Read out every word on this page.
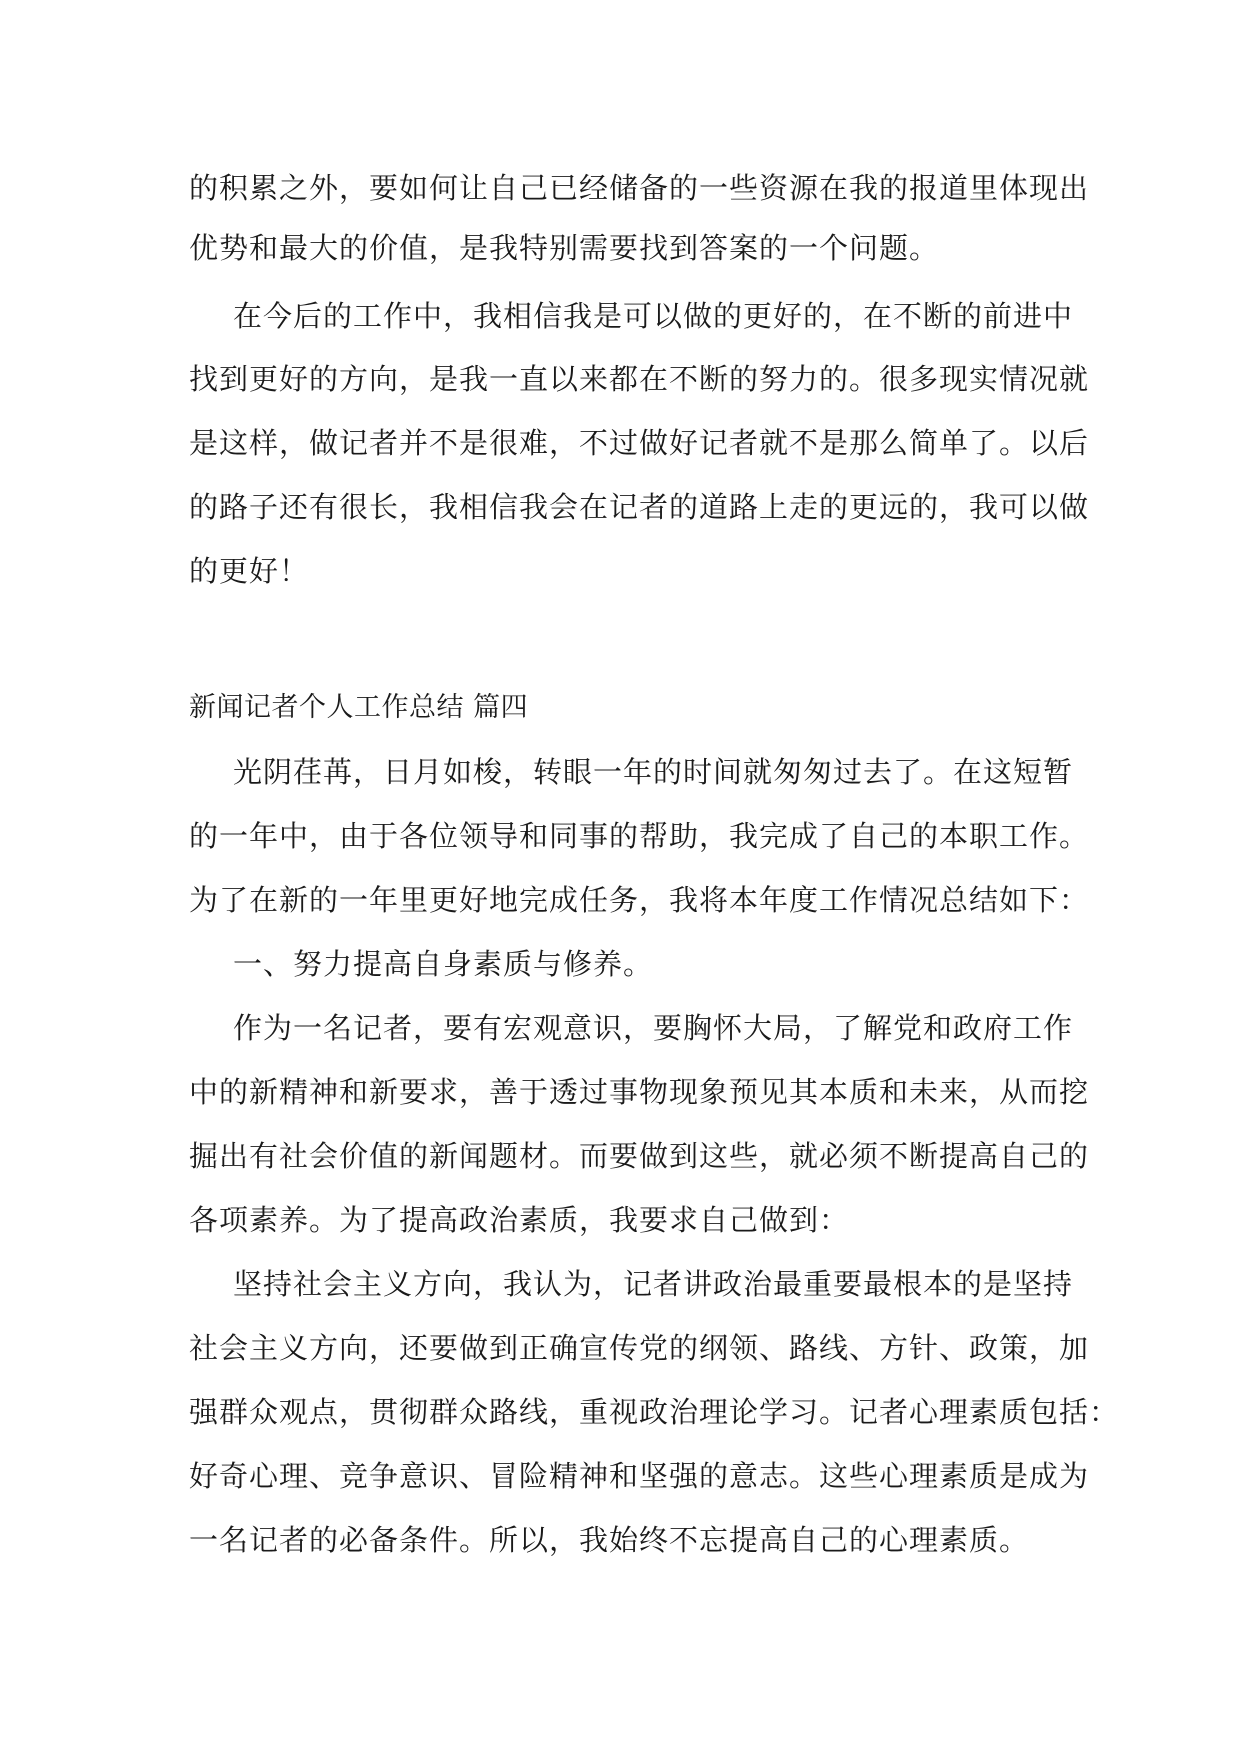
的积累之外，要如何让自己已经储备的一些资源在我的报道里体现出
优势和最大的价值，是我特别需要找到答案的一个问题。
在今后的工作中，我相信我是可以做的更好的，在不断的前进中
找到更好的方向，是我一直以来都在不断的努力的。很多现实情况就
是这样，做记者并不是很难，不过做好记者就不是那么简单了。以后
的路子还有很长，我相信我会在记者的道路上走的更远的，我可以做
的更好！
新闻记者个人工作总结 篇四
光阴荏苒，日月如梭，转眼一年的时间就匆匆过去了。在这短暂
的一年中，由于各位领导和同事的帮助，我完成了自己的本职工作。
为了在新的一年里更好地完成任务，我将本年度工作情况总结如下：
一、努力提高自身素质与修养。
作为一名记者，要有宏观意识，要胸怀大局，了解党和政府工作
中的新精神和新要求，善于透过事物现象预见其本质和未来，从而挖
掘出有社会价值的新闻题材。而要做到这些，就必须不断提高自己的
各项素养。为了提高政治素质，我要求自己做到：
坚持社会主义方向，我认为，记者讲政治最重要最根本的是坚持
社会主义方向，还要做到正确宣传党的纲领、路线、方针、政策，加
强群众观点，贯彻群众路线，重视政治理论学习。记者心理素质包括：
好奇心理、竞争意识、冒险精神和坚强的意志。这些心理素质是成为
一名记者的必备条件。所以，我始终不忘提高自己的心理素质。
